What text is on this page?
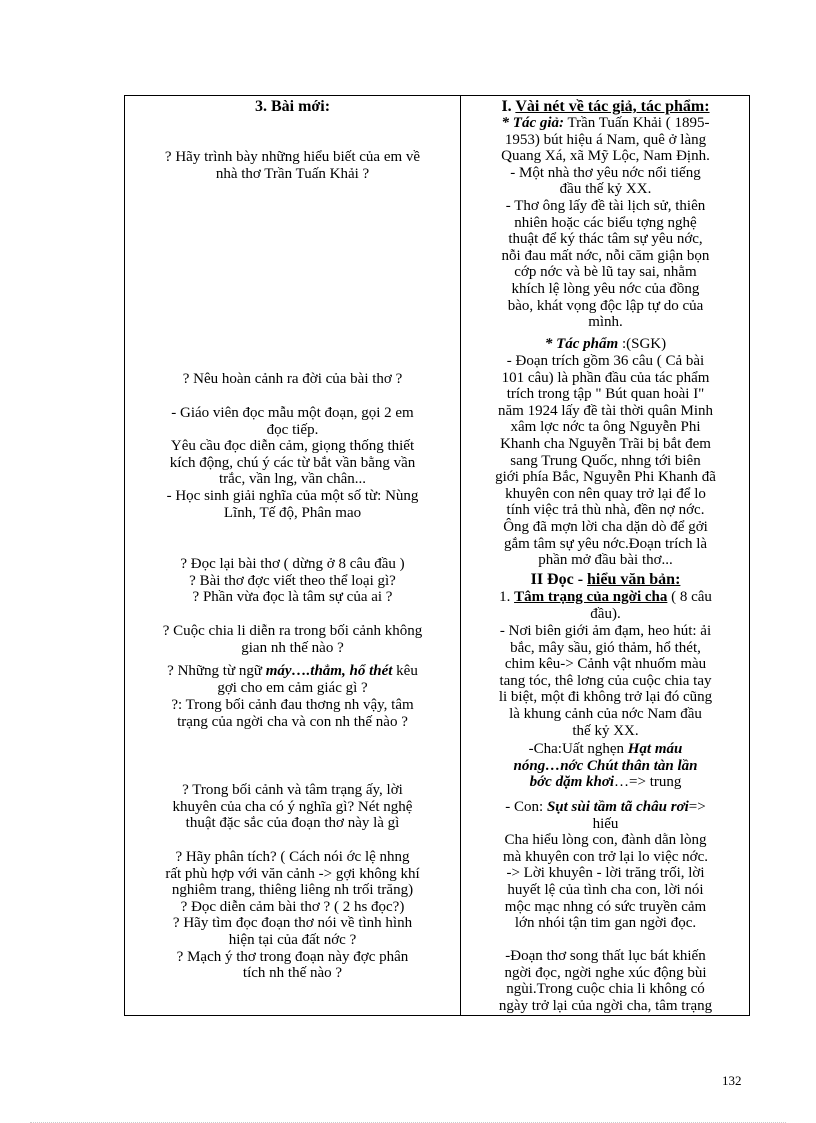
3. Bài mới:
? Hãy trình bày những hiểu biết của em về
nhà thơ Trần Tuấn Khải ?
? Nêu hoàn cảnh ra đời của bài thơ ?
- Giáo viên đọc mẫu một đoạn, gọi 2 em
đọc tiếp.
Yêu cầu đọc diễn cảm, giọng thống thiết
kích động, chú ý các từ bắt vần bằng vần
trắc, vần lng, vần chân...
- Học sinh giải nghĩa của một số từ: Nùng
Lĩnh, Tế độ, Phân mao
? Đọc lại bài thơ ( dừng ở 8 câu đầu )
? Bài thơ đợc viết theo thể loại gì?
? Phần vừa đọc là tâm sự của ai ?
? Cuộc chia li diễn ra trong bối cảnh không
gian nh thế nào ?
? Những từ ngữ máy….thẳm, hổ thét kêu
gợi cho em cảm giác gì ?
?: Trong bối cảnh đau thơng nh vậy, tâm
trạng của ngời cha và con nh thế nào ?
? Trong bối cảnh và tâm trạng ấy, lời
khuyên của cha có ý nghĩa gì? Nét nghệ
thuật đặc sắc của đoạn thơ này là gì
? Hãy phân tích? ( Cách nói ớc lệ nhng
rất phù hợp với văn cảnh -> gợi không khí
nghiêm trang, thiêng liêng nh trối trăng)
? Đọc diễn cảm bài thơ ? ( 2 hs đọc?)
? Hãy tìm đọc đoạn thơ nói về tình hình
hiện tại của đất nớc ?
? Mạch ý thơ trong đoạn này đợc phân
tích nh thế nào ?
I. Vài nét về tác giả, tác phẩm:
* Tác giả: Trần Tuấn Khải ( 1895-
1953) bút hiệu á Nam, quê ở làng
Quang Xá, xã Mỹ Lộc, Nam Định.
- Một nhà thơ yêu nớc nổi tiếng
đầu thế kỷ XX.
- Thơ ông lấy đề tài lịch sử, thiên
nhiên hoặc các biểu tợng nghệ
thuật để ký thác tâm sự yêu nớc,
nỗi đau mất nớc, nỗi căm giận bọn
cớp nớc và bè lũ tay sai, nhằm
khích lệ lòng yêu nớc của đồng
bào, khát vọng độc lập tự do của
mình.
* Tác phẩm :(SGK)
- Đoạn trích gồm 36 câu ( Cả bài
101 câu) là phần đầu của tác phẩm
trích trong tập " Bút quan hoài I"
năm 1924 lấy đề tài thời quân Minh
xâm lợc nớc ta ông Nguyễn Phi
Khanh cha Nguyễn Trãi bị bắt đem
sang Trung Quốc, nhng tới biên
giới phía Bắc, Nguyễn Phi Khanh đã
khuyên con nên quay trở lại để lo
tính việc trả thù nhà, đền nợ nớc.
Ông đã mợn lời cha dặn dò để gởi
gắm tâm sự yêu nớc.Đoạn trích là
phần mở đầu bài thơ...
II Đọc - hiểu văn bản:
1. Tâm trạng của ngời cha ( 8 câu
đầu).
- Nơi biên giới ảm đạm, heo hút: ải
bắc, mây sầu, gió thảm, hổ thét,
chim kêu-> Cảnh vật nhuốm màu
tang tóc, thê lơng của cuộc chia tay
li biệt, một đi không trở lại đó cũng
là khung cảnh của nớc Nam đầu
thế kỷ XX.
-Cha:Uất nghẹn Hạt máu
nóng…nớc Chút thân tàn lần
bớc dặm khơi…=> trung
- Con: Sụt sùi tầm tã châu rơi=>
hiếu
Cha hiểu lòng con, đành dằn lòng
mà khuyên con trở lại lo việc nớc.
-> Lời khuyên - lời trăng trối, lời
huyết lệ của tình cha con, lời nói
mộc mạc nhng có sức truyền cảm
lớn nhói tận tim gan ngời đọc.
-Đoạn thơ song thất lục bát khiến
ngời đọc, ngời nghe xúc động bùi
ngùi.Trong cuộc chia li không có
ngày trở lại của ngời cha, tâm trạng
132
